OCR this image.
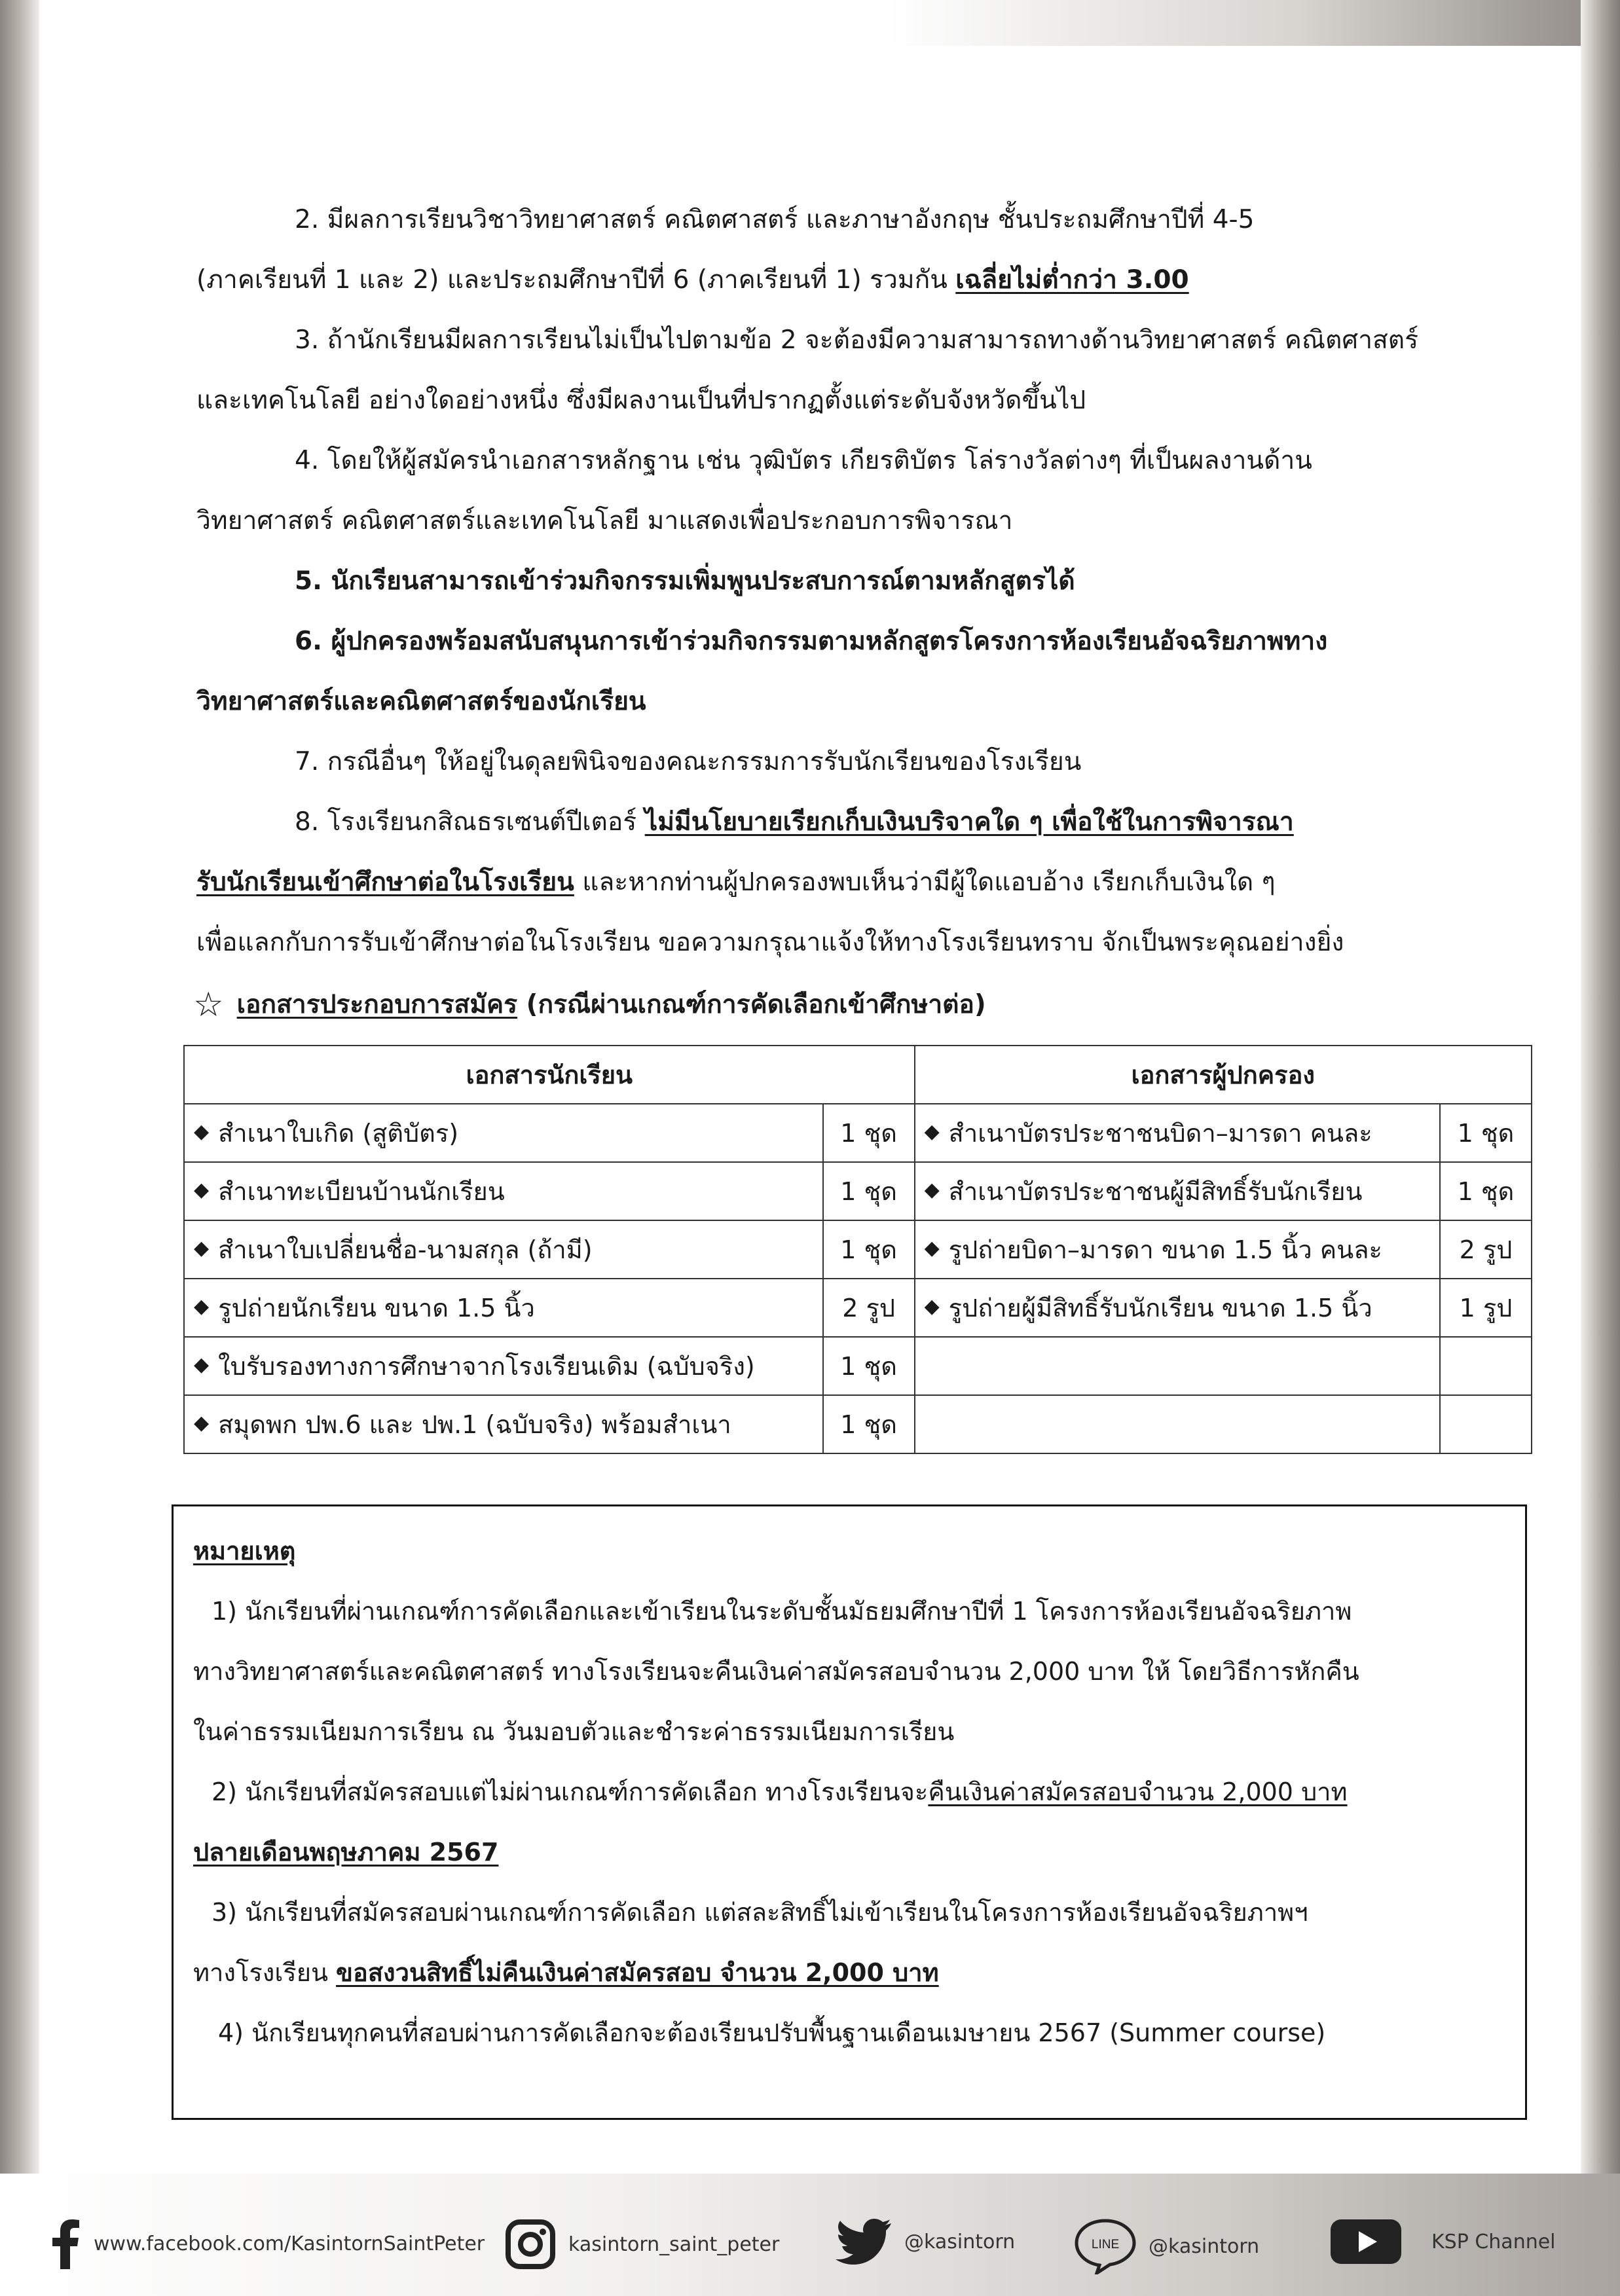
2. มีผลการเรียนวิชาวิทยาศาสตร์ คณิตศาสตร์ และภาษาอังกฤษ ชั้นประถมศึกษาปีที่ 4-5

(ภาคเรียนที่ 1 และ 2) และประถมศึกษาปีที่ 6 (ภาคเรียนที่ 1) รวมกัน เฉลี่ยไม่ต่ำกว่า 3.00

3. ถ้านักเรียนมีผลการเรียนไม่เป็นไปตามข้อ 2 จะต้องมีความสามารถทางด้านวิทยาศาสตร์ คณิตศาสตร์

และเทคโนโลยี อย่างใดอย่างหนึ่ง ซึ่งมีผลงานเป็นที่ปรากฏตั้งแต่ระดับจังหวัดขึ้นไป

4. โดยให้ผู้สมัครนำเอกสารหลักฐาน เช่น วุฒิบัตร เกียรติบัตร โล่รางวัลต่างๆ ที่เป็นผลงานด้าน

วิทยาศาสตร์ คณิตศาสตร์และเทคโนโลยี มาแสดงเพื่อประกอบการพิจารณา

5. นักเรียนสามารถเข้าร่วมกิจกรรมเพิ่มพูนประสบการณ์ตามหลักสูตรได้

6. ผู้ปกครองพร้อมสนับสนุนการเข้าร่วมกิจกรรมตามหลักสูตรโครงการห้องเรียนอัจฉริยภาพทาง

วิทยาศาสตร์และคณิตศาสตร์ของนักเรียน

7. กรณีอื่นๆ ให้อยู่ในดุลยพินิจของคณะกรรมการรับนักเรียนของโรงเรียน

8. โรงเรียนกสิณธรเซนต์ปีเตอร์ ไม่มีนโยบายเรียกเก็บเงินบริจาคใด ๆ เพื่อใช้ในการพิจารณา

รับนักเรียนเข้าศึกษาต่อในโรงเรียน และหากท่านผู้ปกครองพบเห็นว่ามีผู้ใดแอบอ้าง เรียกเก็บเงินใด ๆ

เพื่อแลกกับการรับเข้าศึกษาต่อในโรงเรียน ขอความกรุณาแจ้งให้ทางโรงเรียนทราบ จักเป็นพระคุณอย่างยิ่ง

☆ เอกสารประกอบการสมัคร (กรณีผ่านเกณฑ์การคัดเลือกเข้าศึกษาต่อ)
เอกสารนักเรียน		เอกสารผู้ปกครอง	
◆ สำเนาใบเกิด (สูติบัตร)	1 ชุด	◆ สำเนาบัตรประชาชนบิดา–มารดา คนละ	1 ชุด
◆ สำเนาทะเบียนบ้านนักเรียน	1 ชุด	◆ สำเนาบัตรประชาชนผู้มีสิทธิ์รับนักเรียน	1 ชุด
◆ สำเนาใบเปลี่ยนชื่อ-นามสกุล (ถ้ามี)	1 ชุด	◆ รูปถ่ายบิดา–มารดา ขนาด 1.5 นิ้ว คนละ	2 รูป
◆ รูปถ่ายนักเรียน ขนาด 1.5 นิ้ว	2 รูป	◆ รูปถ่ายผู้มีสิทธิ์รับนักเรียน ขนาด 1.5 นิ้ว	1 รูป
◆ ใบรับรองทางการศึกษาจากโรงเรียนเดิม (ฉบับจริง)	1 ชุด		
◆ สมุดพก ปพ.6 และ ปพ.1 (ฉบับจริง) พร้อมสำเนา	1 ชุด		

หมายเหตุ

1) นักเรียนที่ผ่านเกณฑ์การคัดเลือกและเข้าเรียนในระดับชั้นมัธยมศึกษาปีที่ 1 โครงการห้องเรียนอัจฉริยภาพ

ทางวิทยาศาสตร์และคณิตศาสตร์ ทางโรงเรียนจะคืนเงินค่าสมัครสอบจำนวน 2,000 บาท ให้ โดยวิธีการหักคืน

ในค่าธรรมเนียมการเรียน ณ วันมอบตัวและชำระค่าธรรมเนียมการเรียน

2) นักเรียนที่สมัครสอบแต่ไม่ผ่านเกณฑ์การคัดเลือก ทางโรงเรียนจะคืนเงินค่าสมัครสอบจำนวน 2,000 บาท

ปลายเดือนพฤษภาคม 2567

3) นักเรียนที่สมัครสอบผ่านเกณฑ์การคัดเลือก แต่สละสิทธิ์ไม่เข้าเรียนในโครงการห้องเรียนอัจฉริยภาพฯ

ทางโรงเรียน ขอสงวนสิทธิ์ไม่คืนเงินค่าสมัครสอบ จำนวน 2,000 บาท

4) นักเรียนทุกคนที่สอบผ่านการคัดเลือกจะต้องเรียนปรับพื้นฐานเดือนเมษายน 2567 (Summer course)

www.facebook.com/KasintornSaintPeter	kasintorn_saint_peter	@kasintorn	LINE @kasintorn	KSP Channel
